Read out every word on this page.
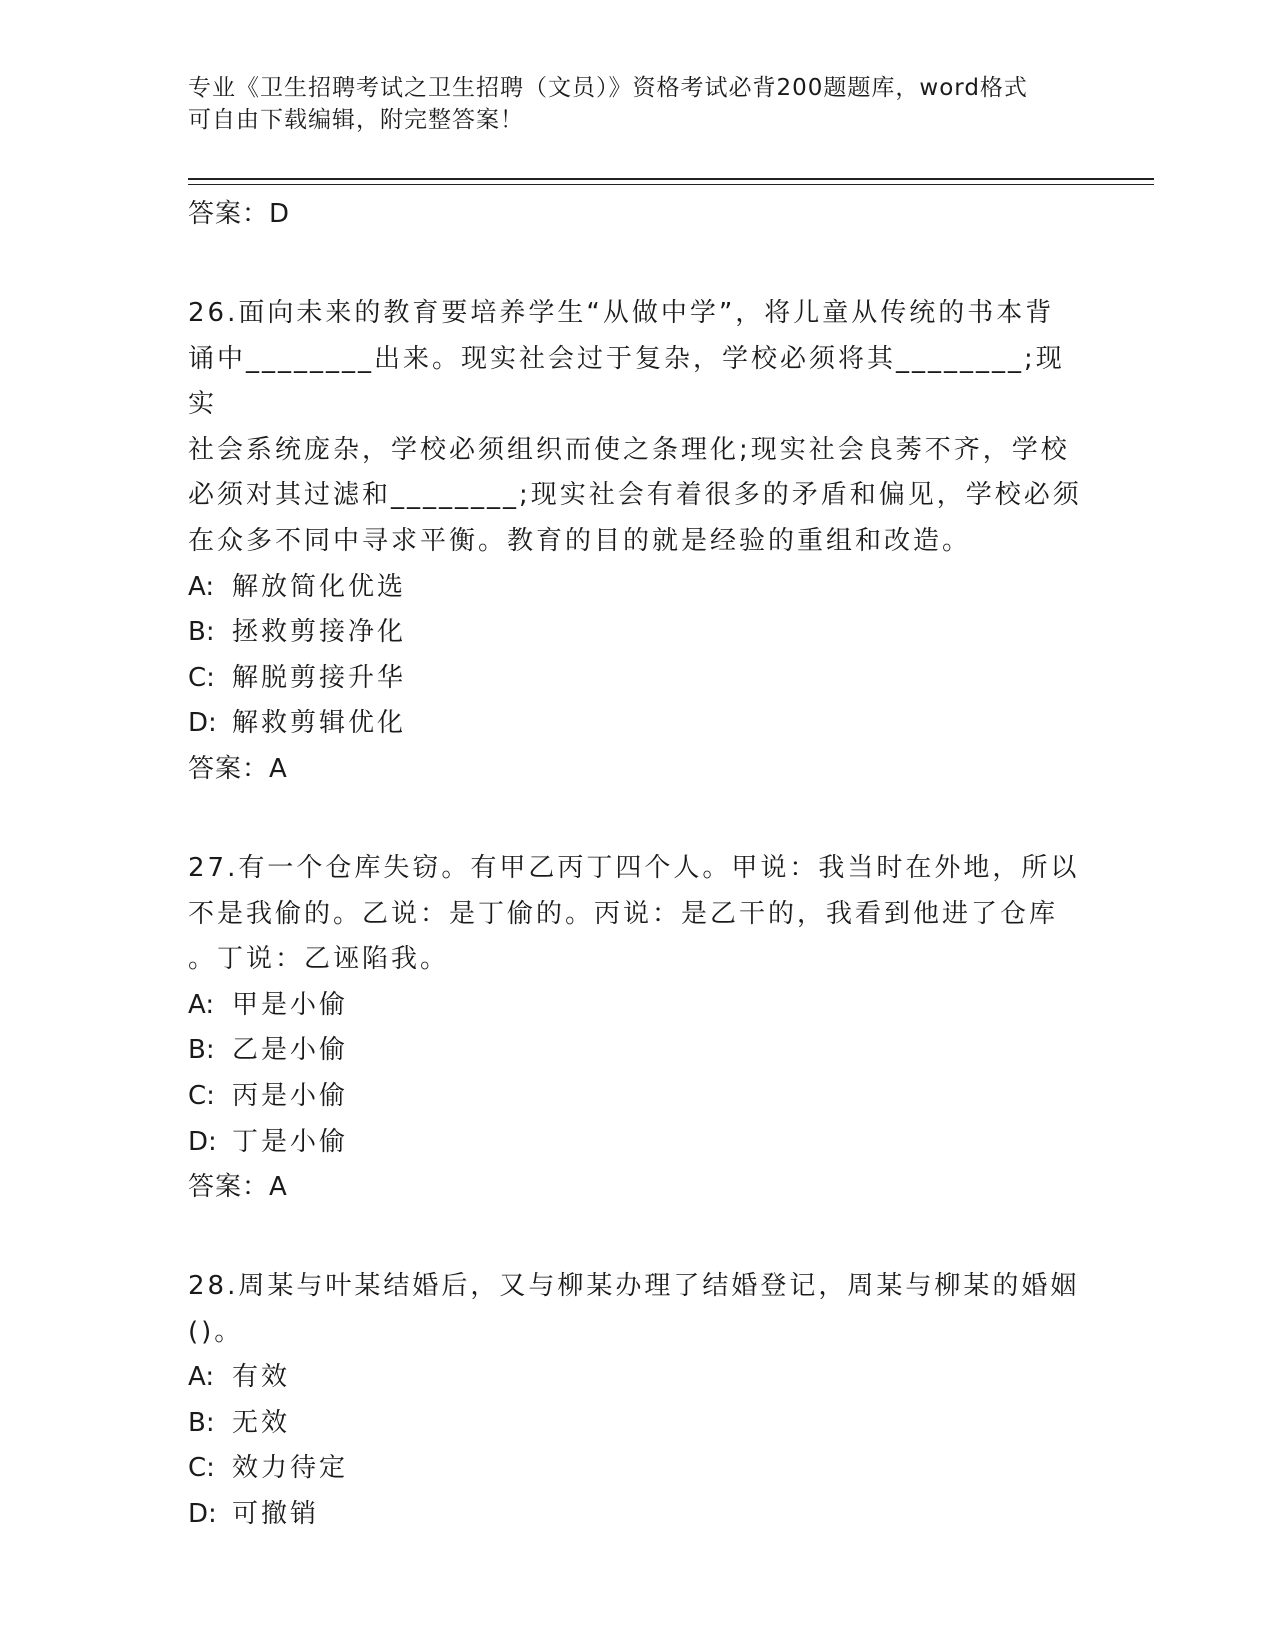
专业《卫生招聘考试之卫生招聘（文员）》资格考试必背200题题库，word格式
可自由下载编辑，附完整答案！

答案：D

26.面向未来的教育要培养学生“从做中学”，将儿童从传统的书本背

诵中________出来。现实社会过于复杂，学校必须将其________;现实

社会系统庞杂，学校必须组织而使之条理化;现实社会良莠不齐，学校

必须对其过滤和________;现实社会有着很多的矛盾和偏见，学校必须

在众多不同中寻求平衡。教育的目的就是经验的重组和改造。

A: 解放简化优选

B: 拯救剪接净化

C: 解脱剪接升华

D: 解救剪辑优化

答案：A

27.有一个仓库失窃。有甲乙丙丁四个人。甲说：我当时在外地，所以

不是我偷的。乙说：是丁偷的。丙说：是乙干的，我看到他进了仓库

。丁说：乙诬陷我。

A: 甲是小偷

B: 乙是小偷

C: 丙是小偷

D: 丁是小偷

答案：A

28.周某与叶某结婚后，又与柳某办理了结婚登记，周某与柳某的婚姻

()。

A: 有效

B: 无效

C: 效力待定

D: 可撤销
